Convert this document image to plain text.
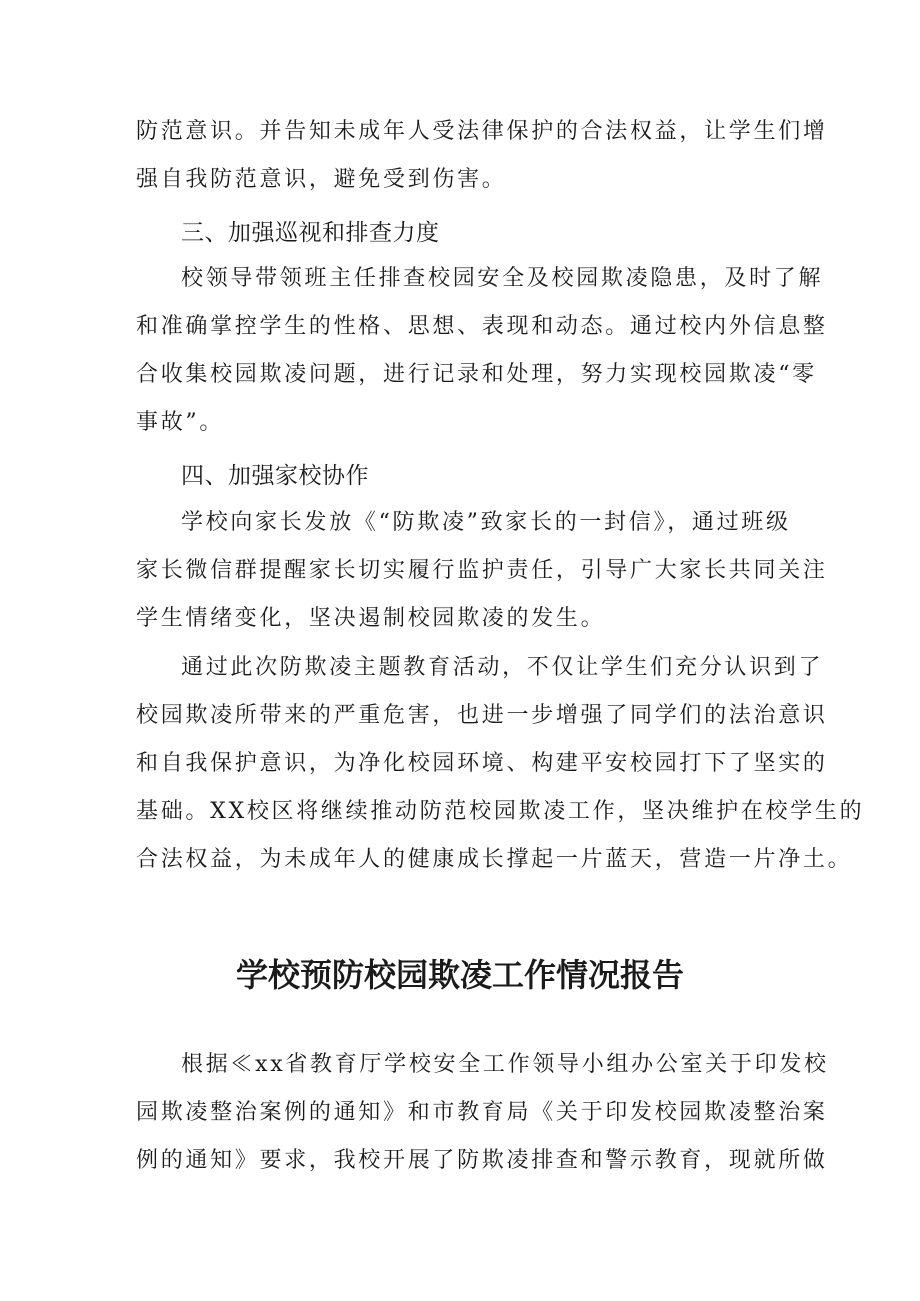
防范意识。并告知未成年人受法律保护的合法权益，让学生们增

强自我防范意识，避免受到伤害。

三、加强巡视和排查力度

校领导带领班主任排查校园安全及校园欺凌隐患，及时了解

和准确掌控学生的性格、思想、表现和动态。通过校内外信息整

合收集校园欺凌问题，进行记录和处理，努力实现校园欺凌“零

事故”。

四、加强家校协作

学校向家长发放《“防欺凌”致家长的一封信》，通过班级

家长微信群提醒家长切实履行监护责任，引导广大家长共同关注

学生情绪变化，坚决遏制校园欺凌的发生。

通过此次防欺凌主题教育活动，不仅让学生们充分认识到了

校园欺凌所带来的严重危害，也进一步增强了同学们的法治意识

和自我保护意识，为净化校园环境、构建平安校园打下了坚实的

基础。XX校区将继续推动防范校园欺凌工作，坚决维护在校学生的

合法权益，为未成年人的健康成长撑起一片蓝天，营造一片净土。

学校预防校园欺凌工作情况报告

根据≪xx省教育厅学校安全工作领导小组办公室关于印发校

园欺凌整治案例的通知》和市教育局《关于印发校园欺凌整治案

例的通知》要求，我校开展了防欺凌排查和警示教育，现就所做
